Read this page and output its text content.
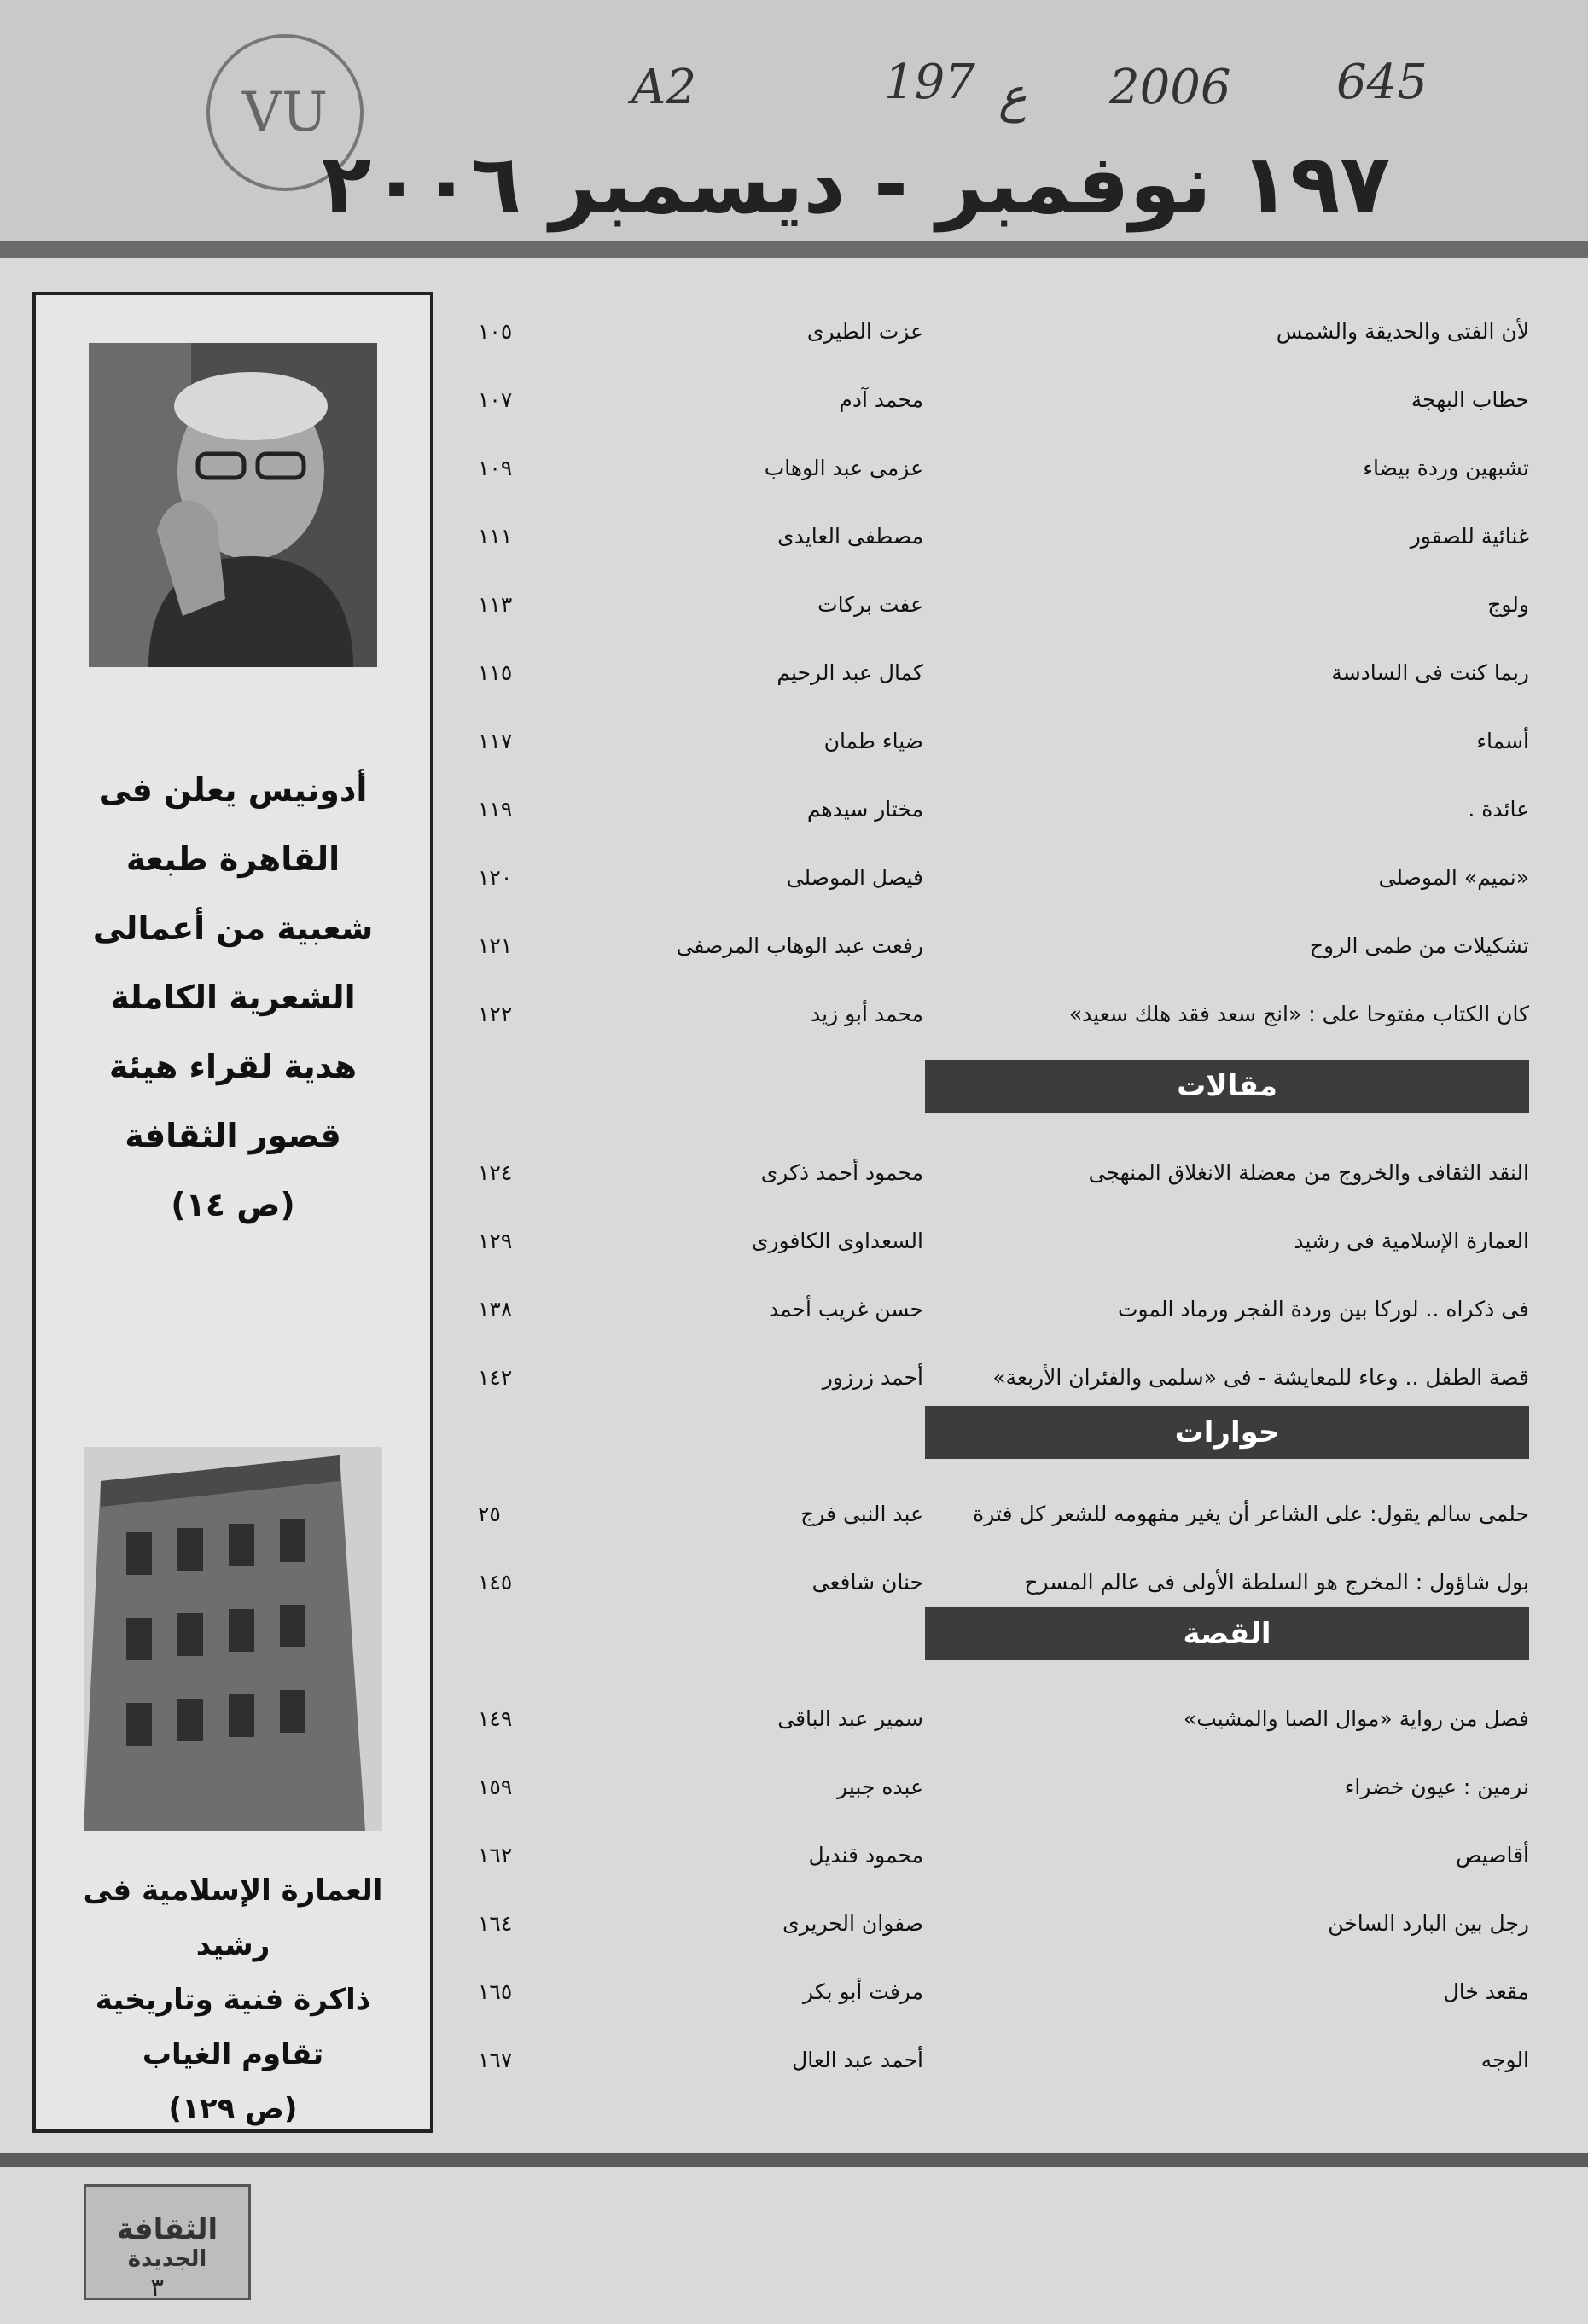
VU	A2	197 ع 2006 645
١٩٧ نوفمبر - ديسمبر ٢٠٠٦
أدونيس يعلن فى
القاهرة طبعة
شعبية من أعمالى
الشعرية الكاملة
هدية لقراء هيئة
قصور الثقافة
(ص ١٤)
العمارة الإسلامية فى رشيد
ذاكرة فنية وتاريخية تقاوم الغياب
(ص ١٢٩)
لأن الفتى والحديقة والشمس
عزت الطيرى
١٠٥
حطاب البهجة
محمد آدم
١٠٧
تشبهين وردة بيضاء
عزمى عبد الوهاب
١٠٩
غنائية للصقور
مصطفى العايدى
١١١
ولوج
عفت بركات
١١٣
ربما كنت فى السادسة
كمال عبد الرحيم
١١٥
أسماء
ضياء طمان
١١٧
عائدة .
مختار سيدهم
١١٩
«نميم» الموصلى
فيصل الموصلى
١٢٠
تشكيلات من طمى الروح
رفعت عبد الوهاب المرصفى
١٢١
كان الكتاب مفتوحا على : «انج سعد فقد هلك سعيد»
محمد أبو زيد
١٢٢
مقالات
النقد الثقافى والخروج من معضلة الانغلاق المنهجى
محمود أحمد ذكرى
١٢٤
العمارة الإسلامية فى رشيد
السعداوى الكافورى
١٢٩
فى ذكراه .. لوركا بين وردة الفجر ورماد الموت
حسن غريب أحمد
١٣٨
قصة الطفل .. وعاء للمعايشة - فى «سلمى والفئران الأربعة»
أحمد زرزور
١٤٢
حوارات
حلمى سالم يقول: على الشاعر أن يغير مفهومه للشعر كل فترة
عبد النبى فرج
٢٥
بول شاؤول : المخرج هو السلطة الأولى فى عالم المسرح
حنان شافعى
١٤٥
القصة
فصل من رواية «موال الصبا والمشيب»
سمير عبد الباقى
١٤٩
نرمين : عيون خضراء
عبده جبير
١٥٩
أقاصيص
محمود قنديل
١٦٢
رجل بين البارد الساخن
صفوان الحريرى
١٦٤
مقعد خال
مرفت أبو بكر
١٦٥
الوجه
أحمد عبد العال
١٦٧
الثقافة
الجديدة
٣
